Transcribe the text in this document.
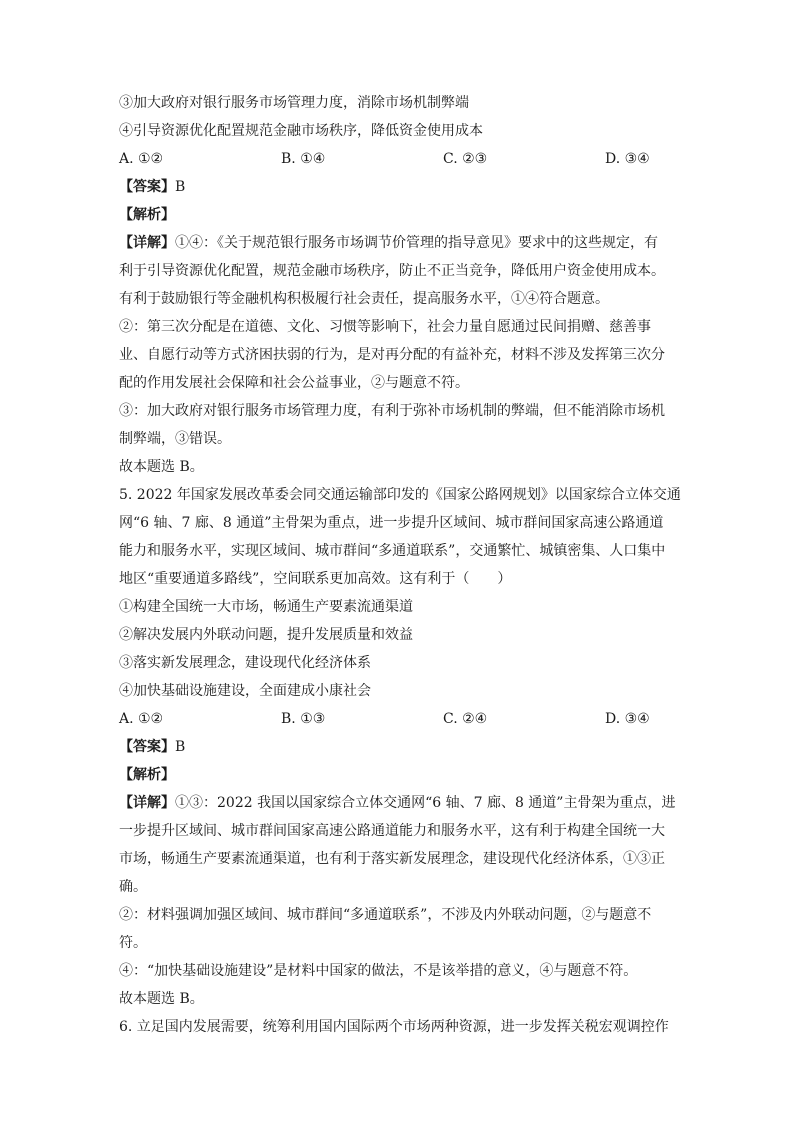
③加大政府对银行服务市场管理力度，消除市场机制弊端
④引导资源优化配置规范金融市场秩序，降低资金使用成本
A. ①②	B. ①④	C. ②③	D. ③④
【答案】B
【解析】
【详解】①④：《关于规范银行服务市场调节价管理的指导意见》要求中的这些规定，有
利于引导资源优化配置，规范金融市场秩序，防止不正当竞争，降低用户资金使用成本。
有利于鼓励银行等金融机构积极履行社会责任，提高服务水平，①④符合题意。
②：第三次分配是在道德、文化、习惯等影响下，社会力量自愿通过民间捐赠、慈善事
业、自愿行动等方式济困扶弱的行为，是对再分配的有益补充，材料不涉及发挥第三次分
配的作用发展社会保障和社会公益事业，②与题意不符。
③：加大政府对银行服务市场管理力度，有利于弥补市场机制的弊端，但不能消除市场机
制弊端，③错误。
故本题选 B。
5. 2022 年国家发展改革委会同交通运输部印发的《国家公路网规划》以国家综合立体交通
网“6 轴、7 廊、8 通道”主骨架为重点，进一步提升区域间、城市群间国家高速公路通道
能力和服务水平，实现区域间、城市群间“多通道联系”，交通繁忙、城镇密集、人口集中
地区“重要通道多路线”，空间联系更加高效。这有利于（　　）
①构建全国统一大市场，畅通生产要素流通渠道
②解决发展内外联动问题，提升发展质量和效益
③落实新发展理念，建设现代化经济体系
④加快基础设施建设，全面建成小康社会
A. ①②	B. ①③	C. ②④	D. ③④
【答案】B
【解析】
【详解】①③：2022 我国以国家综合立体交通网“6 轴、7 廊、8 通道”主骨架为重点，进
一步提升区域间、城市群间国家高速公路通道能力和服务水平，这有利于构建全国统一大
市场，畅通生产要素流通渠道，也有利于落实新发展理念，建设现代化经济体系，①③正
确。
②：材料强调加强区域间、城市群间“多通道联系”，不涉及内外联动问题，②与题意不
符。
④：“加快基础设施建设”是材料中国家的做法，不是该举措的意义，④与题意不符。
故本题选 B。
6. 立足国内发展需要，统筹利用国内国际两个市场两种资源，进一步发挥关税宏观调控作
